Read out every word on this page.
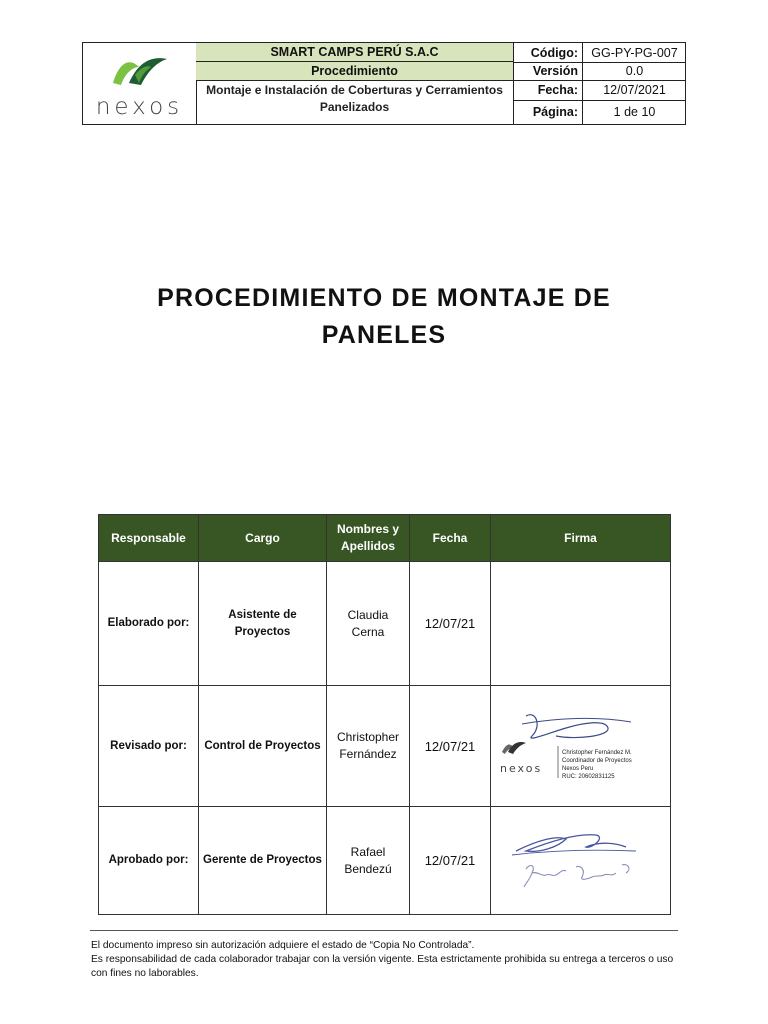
nexos
SMART CAMPS PERÚ S.A.C
Procedimiento
Montaje e Instalación de Coberturas y Cerramientos Panelizados
Código:	GG-PY-PG-007
Versión	0.0
Fecha:	12/07/2021
Página:	1 de 10
PROCEDIMIENTO DE MONTAJE DE
PANELES
Responsable	Cargo	Nombres y Apellidos	Fecha	Firma
Elaborado por:	Asistente de Proyectos	Claudia Cerna	12/07/21	
Revisado por:	Control de Proyectos	Christopher Fernández	12/07/21	nexos
Christopher Fernández M.
Coordinador de Proyectos
Nexos Peru
RUC: 20602831125

Aprobado por:	Gerente de Proyectos	Rafael Bendezú	12/07/21	

El documento impreso sin autorización adquiere el estado de “Copia No Controlada”.

Es responsabilidad de cada colaborador trabajar con la versión vigente. Esta estrictamente prohibida su entrega a terceros o uso con fines no laborables.
